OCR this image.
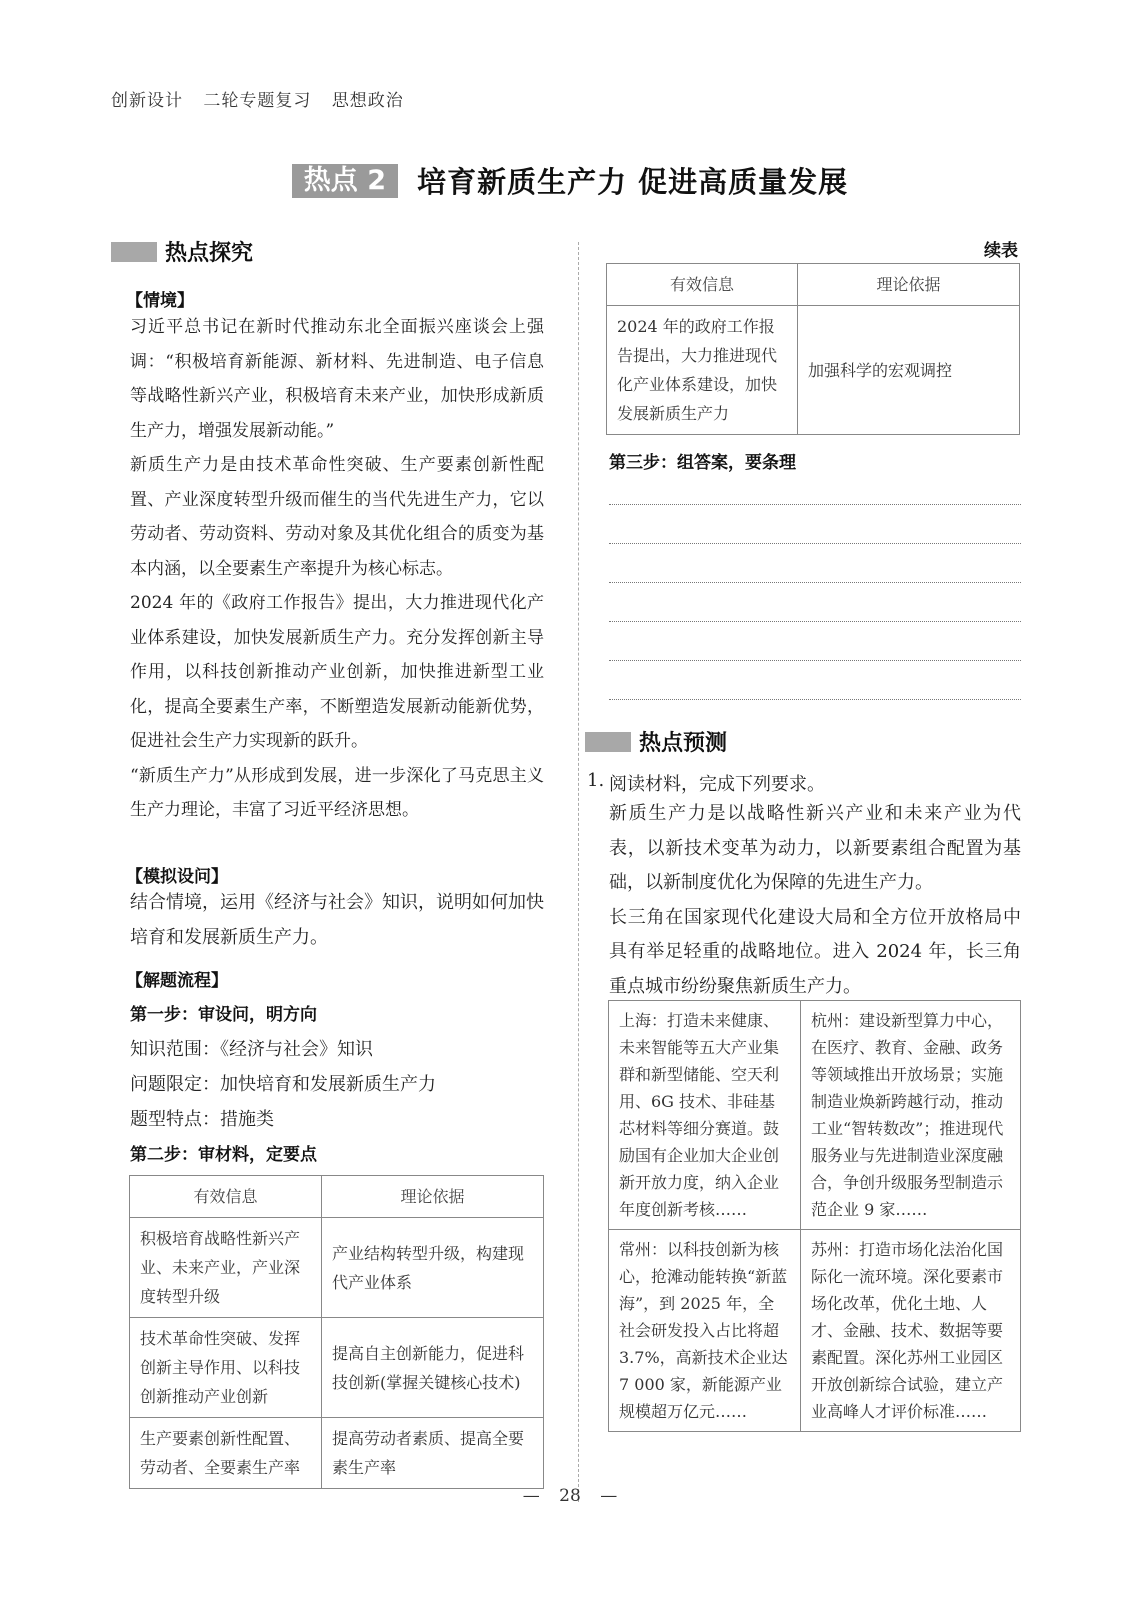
创新设计 二轮专题复习 思想政治
热点 2 培育新质生产力 促进高质量发展
热点探究
【情境】

习近平总书记在新时代推动东北全面振兴座谈会上强调：“积极培育新能源、新材料、先进制造、电子信息等战略性新兴产业，积极培育未来产业，加快形成新质生产力，增强发展新动能。”

新质生产力是由技术革命性突破、生产要素创新性配置、产业深度转型升级而催生的当代先进生产力，它以劳动者、劳动资料、劳动对象及其优化组合的质变为基本内涵，以全要素生产率提升为核心标志。

2024 年的《政府工作报告》提出，大力推进现代化产业体系建设，加快发展新质生产力。充分发挥创新主导作用，以科技创新推动产业创新，加快推进新型工业化，提高全要素生产率，不断塑造发展新动能新优势，促进社会生产力实现新的跃升。

“新质生产力”从形成到发展，进一步深化了马克思主义生产力理论，丰富了习近平经济思想。

【模拟设问】
结合情境，运用《经济与社会》知识，说明如何加快培育和发展新质生产力。
【解题流程】
第一步：审设问，明方向
知识范围：《经济与社会》知识
问题限定：加快培育和发展新质生产力
题型特点：措施类
第二步：审材料，定要点
有效信息	理论依据
积极培育战略性新兴产业、未来产业，产业深度转型升级	产业结构转型升级，构建现代产业体系
技术革命性突破、发挥创新主导作用、以科技创新推动产业创新	提高自主创新能力，促进科技创新(掌握关键核心技术)
生产要素创新性配置、劳动者、全要素生产率	提高劳动者素质、提高全要素生产率
续表
有效信息	理论依据
2024 年的政府工作报告提出，大力推进现代化产业体系建设，加快发展新质生产力	加强科学的宏观调控
第三步：组答案，要条理
热点预测
1. 阅读材料，完成下列要求。

新质生产力是以战略性新兴产业和未来产业为代表，以新技术变革为动力，以新要素组合配置为基础，以新制度优化为保障的先进生产力。

长三角在国家现代化建设大局和全方位开放格局中具有举足轻重的战略地位。进入 2024 年，长三角重点城市纷纷聚焦新质生产力。

上海：打造未来健康、未来智能等五大产业集群和新型储能、空天利用、6G 技术、非硅基芯材料等细分赛道。鼓励国有企业加大企业创新开放力度，纳入企业年度创新考核……	杭州：建设新型算力中心，在医疗、教育、金融、政务等领域推出开放场景；实施制造业焕新跨越行动，推动工业“智转数改”；推进现代服务业与先进制造业深度融合，争创升级服务型制造示范企业 9 家……
常州：以科技创新为核心，抢滩动能转换“新蓝海”，到 2025 年，全社会研发投入占比将超 3.7%，高新技术企业达 7 000 家，新能源产业规模超万亿元……	苏州：打造市场化法治化国际化一流环境。深化要素市场化改革，优化土地、人才、金融、技术、数据等要素配置。深化苏州工业园区开放创新综合试验，建立产业高峰人才评价标准……
— 28 —
